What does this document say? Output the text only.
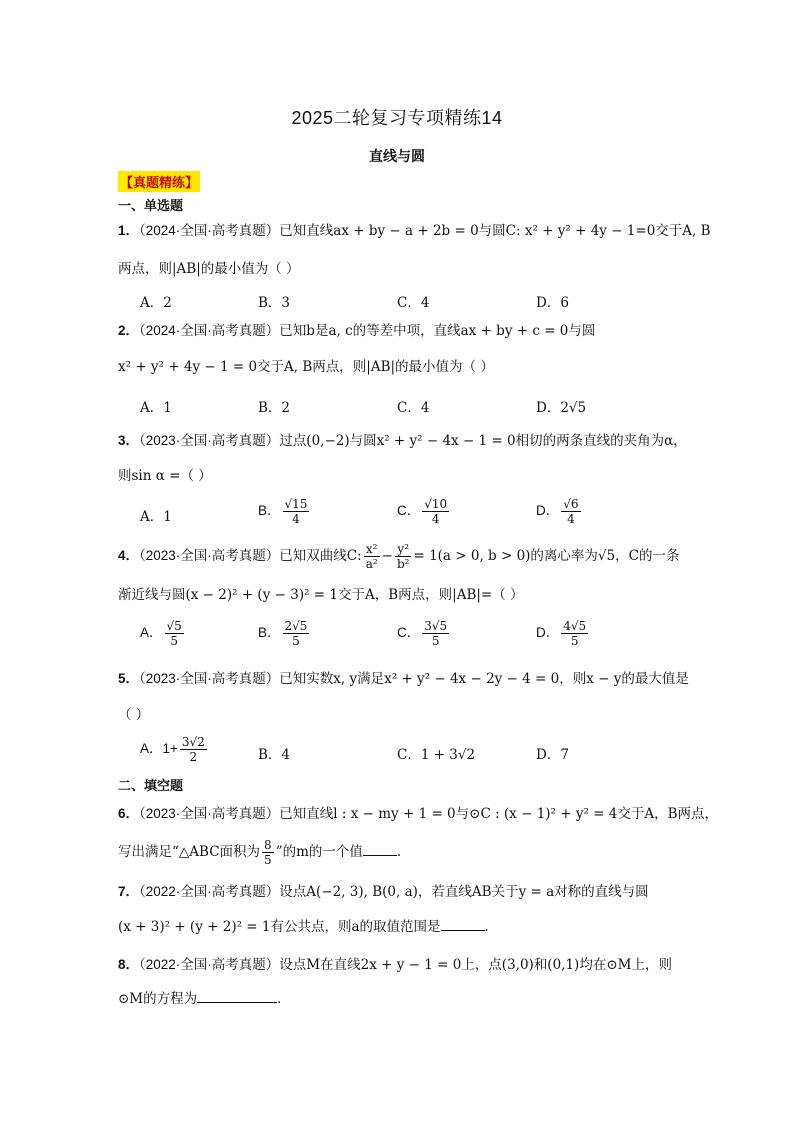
2025二轮复习专项精练14
直线与圆
【真题精练】
一、单选题
1．（2024·全国·高考真题）已知直线ax + by − a + 2b = 0与圆C: x² + y² + 4y − 1=0交于A, B
两点，则|AB|的最小值为（ ）
A．2	B．3	C．4	D．6
2．（2024·全国·高考真题）已知b是a, c的等差中项，直线ax + by + c = 0与圆
x² + y² + 4y − 1 = 0交于A, B两点，则|AB|的最小值为（ ）
A．1	B．2	C．4	D．2√5
3．（2023·全国·高考真题）过点(0,−2)与圆x² + y² − 4x − 1 = 0相切的两条直线的夹角为α，
则sin α =（ ）
A．1	B． $\frac{√15}{4}$	C． $\frac{√10}{4}$	D． $\frac{√6}{4}$
4．（2023·全国·高考真题）已知双曲线C: $\frac{\text{x²}}{\text{a²}} - \frac{\text{y²}}{\text{b²}} = 1(a > 0$, b > 0)的离心率为√5，C的一条
渐近线与圆(x − 2)² + (y − 3)² = 1交于A，B两点，则|AB|=（ ）
A． $\frac{√5}{5}$	B． $\frac{2√5}{5}$	C． $\frac{3√5}{5}$	D． $\frac{4√5}{5}$
5．（2023·全国·高考真题）已知实数x, y满足x² + y² − 4x − 2y − 4 = 0，则x − y的最大值是
（ ）
A．$1+ \frac{3√2}{2}$	B．4	C．1 + 3√2	D．7
二、填空题
6．（2023·全国·高考真题）已知直线l : x − my + 1 = 0与⊙C : (x − 1)² + y² = 4交于A，B两点，
写出满足“△ABC面积为 $\frac{8}{5}$ ”的m的一个值	．
7．（2022·全国·高考真题）设点A(−2, 3), B(0, a)，若直线AB关于y = a对称的直线与圆
(x + 3)² + (y + 2)² = 1有公共点，则a的取值范围是	．
8．（2022·全国·高考真题）设点M在直线2x + y − 1 = 0上，点(3,0)和(0,1)均在⊙M上，则
⊙M的方程为	．
